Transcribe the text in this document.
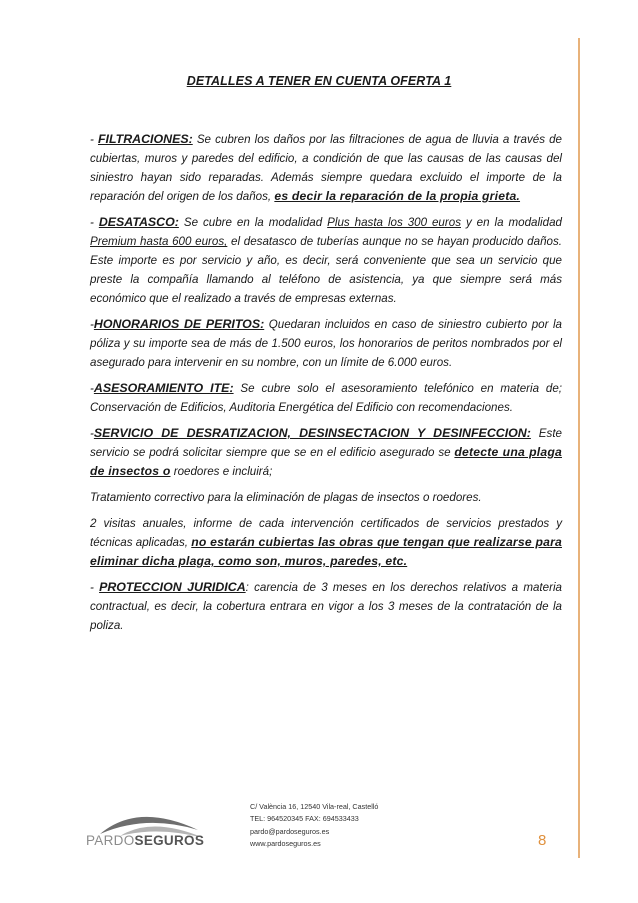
DETALLES A TENER EN CUENTA OFERTA 1

- FILTRACIONES: Se cubren los daños por las filtraciones de agua de lluvia a través de cubiertas, muros y paredes del edificio, a condición de que las causas de las causas del siniestro hayan sido reparadas. Además siempre quedara excluido el importe de la reparación del origen de los daños, es decir la reparación de la propia grieta.

- DESATASCO: Se cubre en la modalidad Plus hasta los 300 euros y en la modalidad Premium hasta 600 euros, el desatasco de tuberías aunque no se hayan producido daños. Este importe es por servicio y año, es decir, será conveniente que sea un servicio que preste la compañía llamando al teléfono de asistencia, ya que siempre será más económico que el realizado a través de empresas externas.

-HONORARIOS DE PERITOS: Quedaran incluidos en caso de siniestro cubierto por la póliza y su importe sea de más de 1.500 euros, los honorarios de peritos nombrados por el asegurado para intervenir en su nombre, con un límite de 6.000 euros.

-ASESORAMIENTO ITE: Se cubre solo el asesoramiento telefónico en materia de; Conservación de Edificios, Auditoria Energética del Edificio con recomendaciones.

-SERVICIO DE DESRATIZACION, DESINSECTACION Y DESINFECCION: Este servicio se podrá solicitar siempre que se en el edificio asegurado se detecte una plaga de insectos o roedores e incluirá;

Tratamiento correctivo para la eliminación de plagas de insectos o roedores.

2 visitas anuales, informe de cada intervención certificados de servicios prestados y técnicas aplicadas, no estarán cubiertas las obras que tengan que realizarse para eliminar dicha plaga, como son, muros, paredes, etc.

- PROTECCION JURIDICA: carencia de 3 meses en los derechos relativos a materia contractual, es decir, la cobertura entrara en vigor a los 3 meses de la contratación de la poliza.

PARDOSEGUROS
C/ València 16, 12540 Vila-real, Castelló
TEL: 964520345 FAX: 694533433
pardo@pardoseguros.es
www.pardoseguros.es	8
